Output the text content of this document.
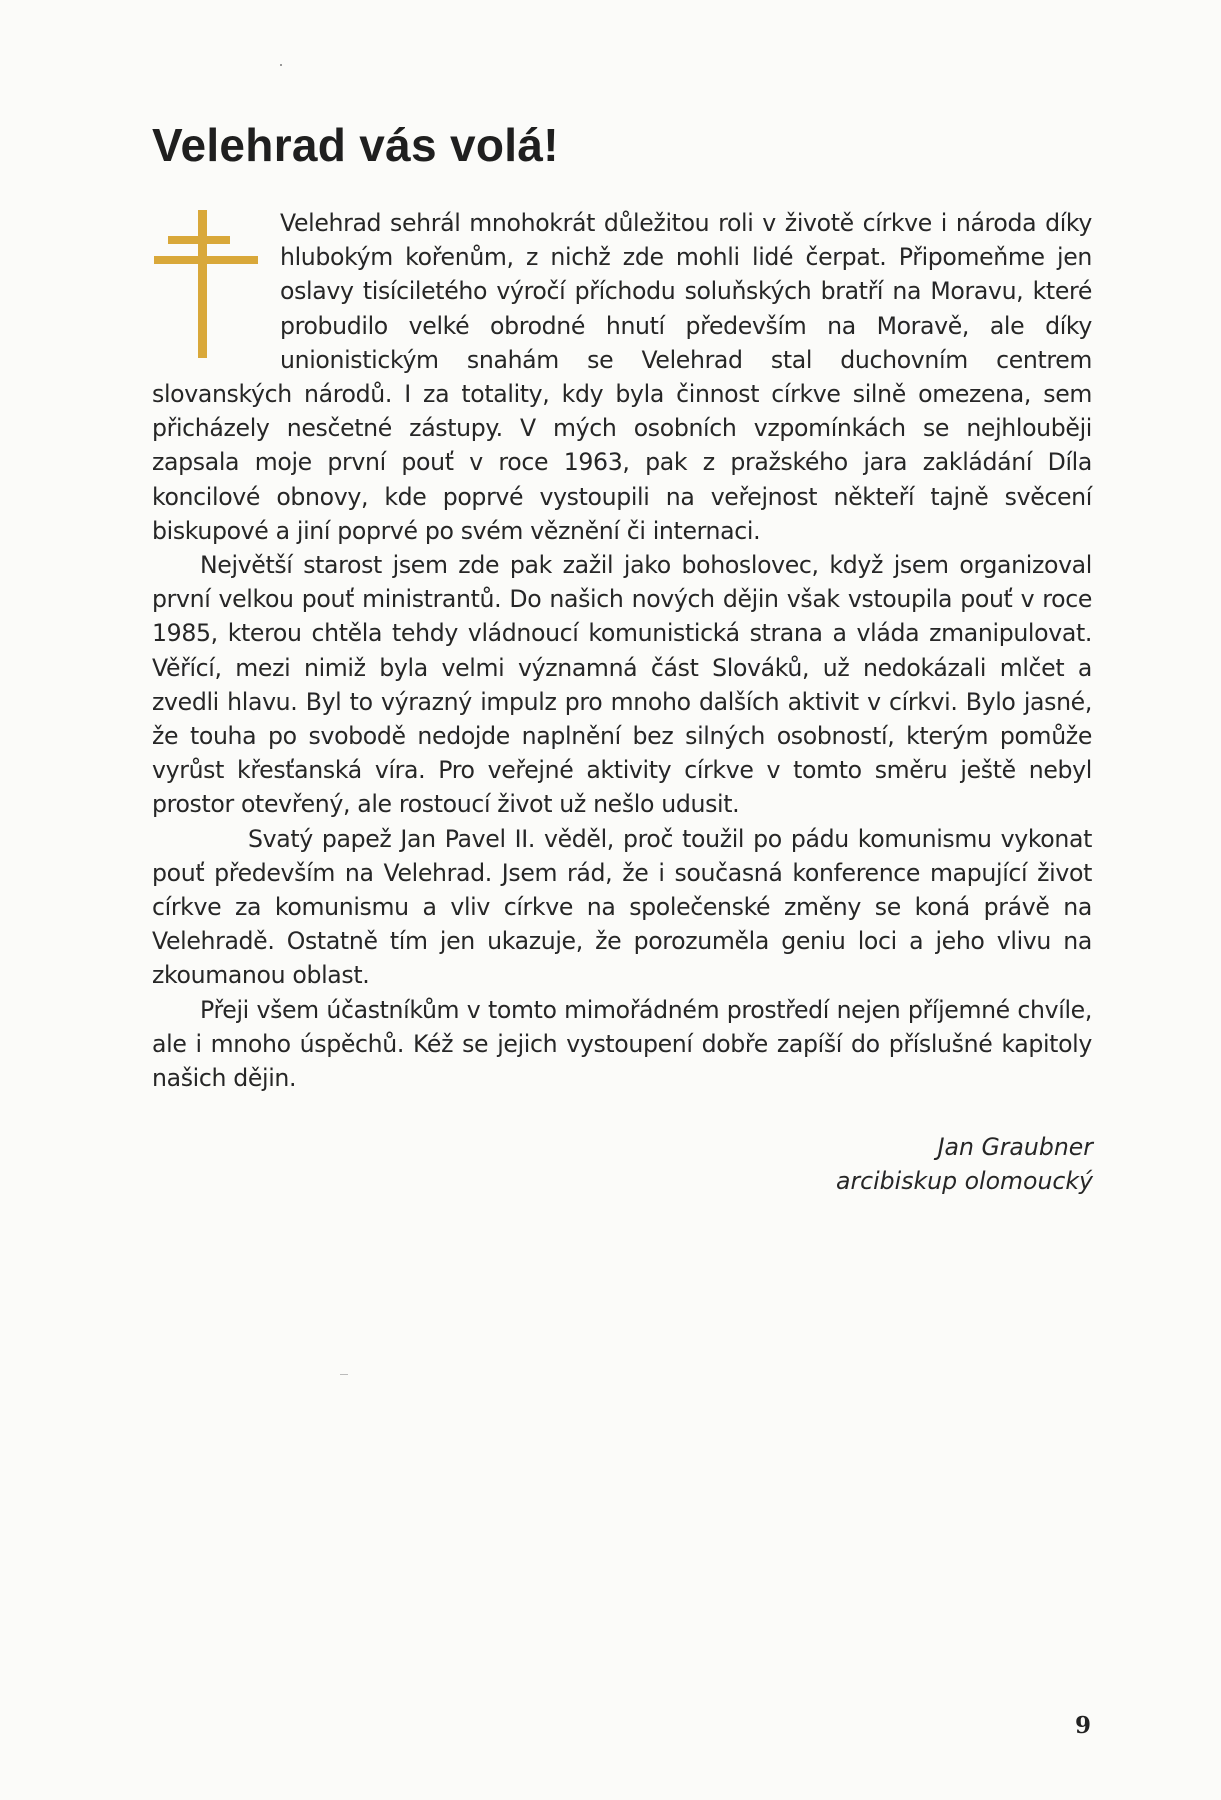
Velehrad vás volá!

Velehrad sehrál mnohokrát důležitou roli v životě církve i národa díky hlubokým kořenům, z nichž zde mohli lidé čerpat. Připomeňme jen oslavy tisíciletého výročí příchodu soluňských bratří na Moravu, které probudilo velké obrodné hnutí především na Moravě, ale díky unionistickým snahám se Velehrad stal duchovním centrem slovanských národů. I za totality, kdy byla činnost církve silně omezena, sem přicházely nesčetné zástupy. V mých osobních vzpomínkách se nejhlouběji zapsala moje první pouť v roce 1963, pak z pražského jara zakládání Díla koncilové obnovy, kde poprvé vystoupili na veřejnost někteří tajně svěcení biskupové a jiní poprvé po svém věznění či internaci.

Největší starost jsem zde pak zažil jako bohoslovec, když jsem organizoval první velkou pouť ministrantů. Do našich nových dějin však vstoupila pouť v roce 1985, kterou chtěla tehdy vládnoucí komunistická strana a vláda zmanipulovat. Věřící, mezi nimiž byla velmi významná část Slováků, už nedokázali mlčet a zvedli hlavu. Byl to výrazný impulz pro mnoho dalších aktivit v církvi. Bylo jasné, že touha po svobodě nedojde naplnění bez silných osobností, kterým pomůže vyrůst křesťanská víra. Pro veřejné aktivity církve v tomto směru ještě nebyl prostor otevřený, ale rostoucí život už nešlo udusit.

Svatý papež Jan Pavel II. věděl, proč toužil po pádu komunismu vykonat pouť především na Velehrad. Jsem rád, že i současná konference mapující život církve za komunismu a vliv církve na společenské změny se koná právě na Velehradě. Ostatně tím jen ukazuje, že porozuměla geniu loci a jeho vlivu na zkoumanou oblast.

Přeji všem účastníkům v tomto mimořádném prostředí nejen příjemné chvíle, ale i mnoho úspěchů. Kéž se jejich vystoupení dobře zapíší do příslušné kapitoly našich dějin.

Jan Graubner
arcibiskup olomoucký
9
